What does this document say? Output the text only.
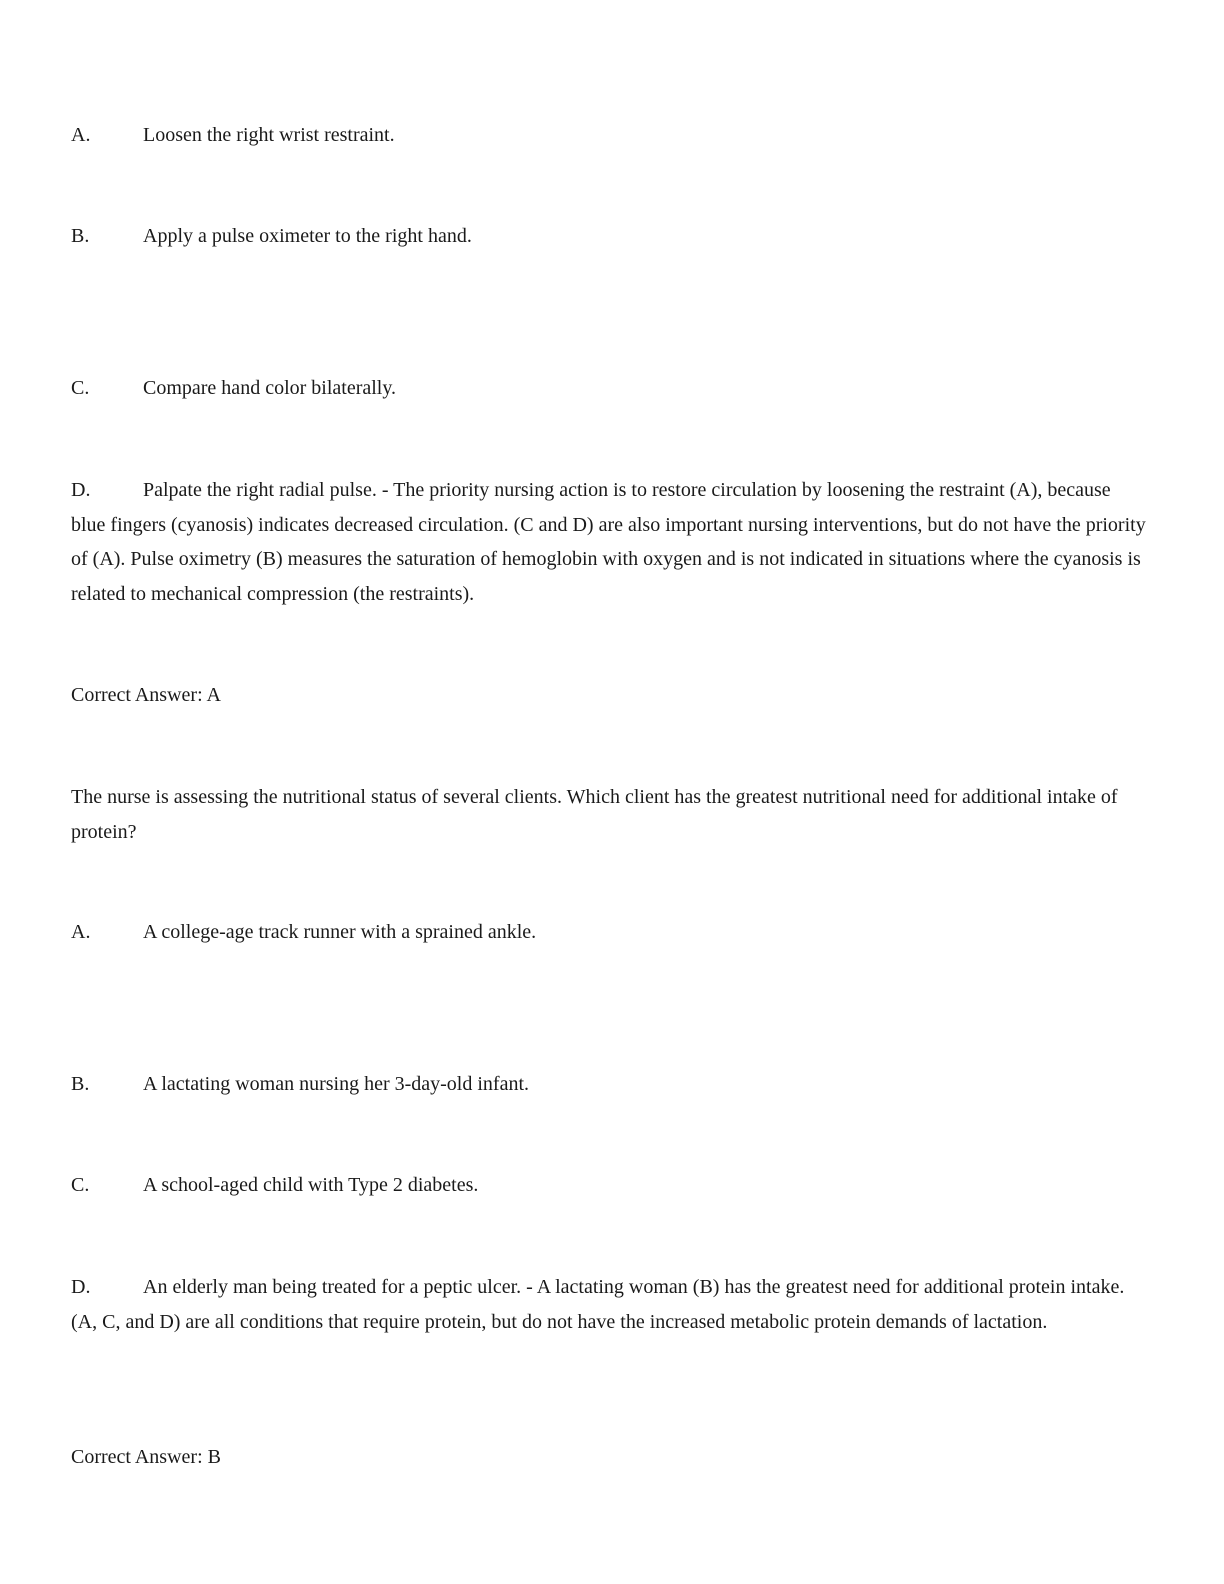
A.	Loosen the right wrist restraint.

B.	Apply a pulse oximeter to the right hand.

C.	Compare hand color bilaterally.

D.	Palpate the right radial pulse. - The priority nursing action is to restore circulation by loosening the restraint (A), because blue fingers (cyanosis) indicates decreased circulation. (C and D) are also important nursing interventions, but do not have the priority of (A). Pulse oximetry (B) measures the saturation of hemoglobin with oxygen and is not indicated in situations where the cyanosis is related to mechanical compression (the restraints).

Correct Answer: A

The nurse is assessing the nutritional status of several clients. Which client has the greatest nutritional need for additional intake of protein?

A.	A college-age track runner with a sprained ankle.

B.	A lactating woman nursing her 3-day-old infant.

C.	A school-aged child with Type 2 diabetes.

D.	An elderly man being treated for a peptic ulcer. - A lactating woman (B) has the greatest need for additional protein intake. (A, C, and D) are all conditions that require protein, but do not have the increased metabolic protein demands of lactation.

Correct Answer: B
